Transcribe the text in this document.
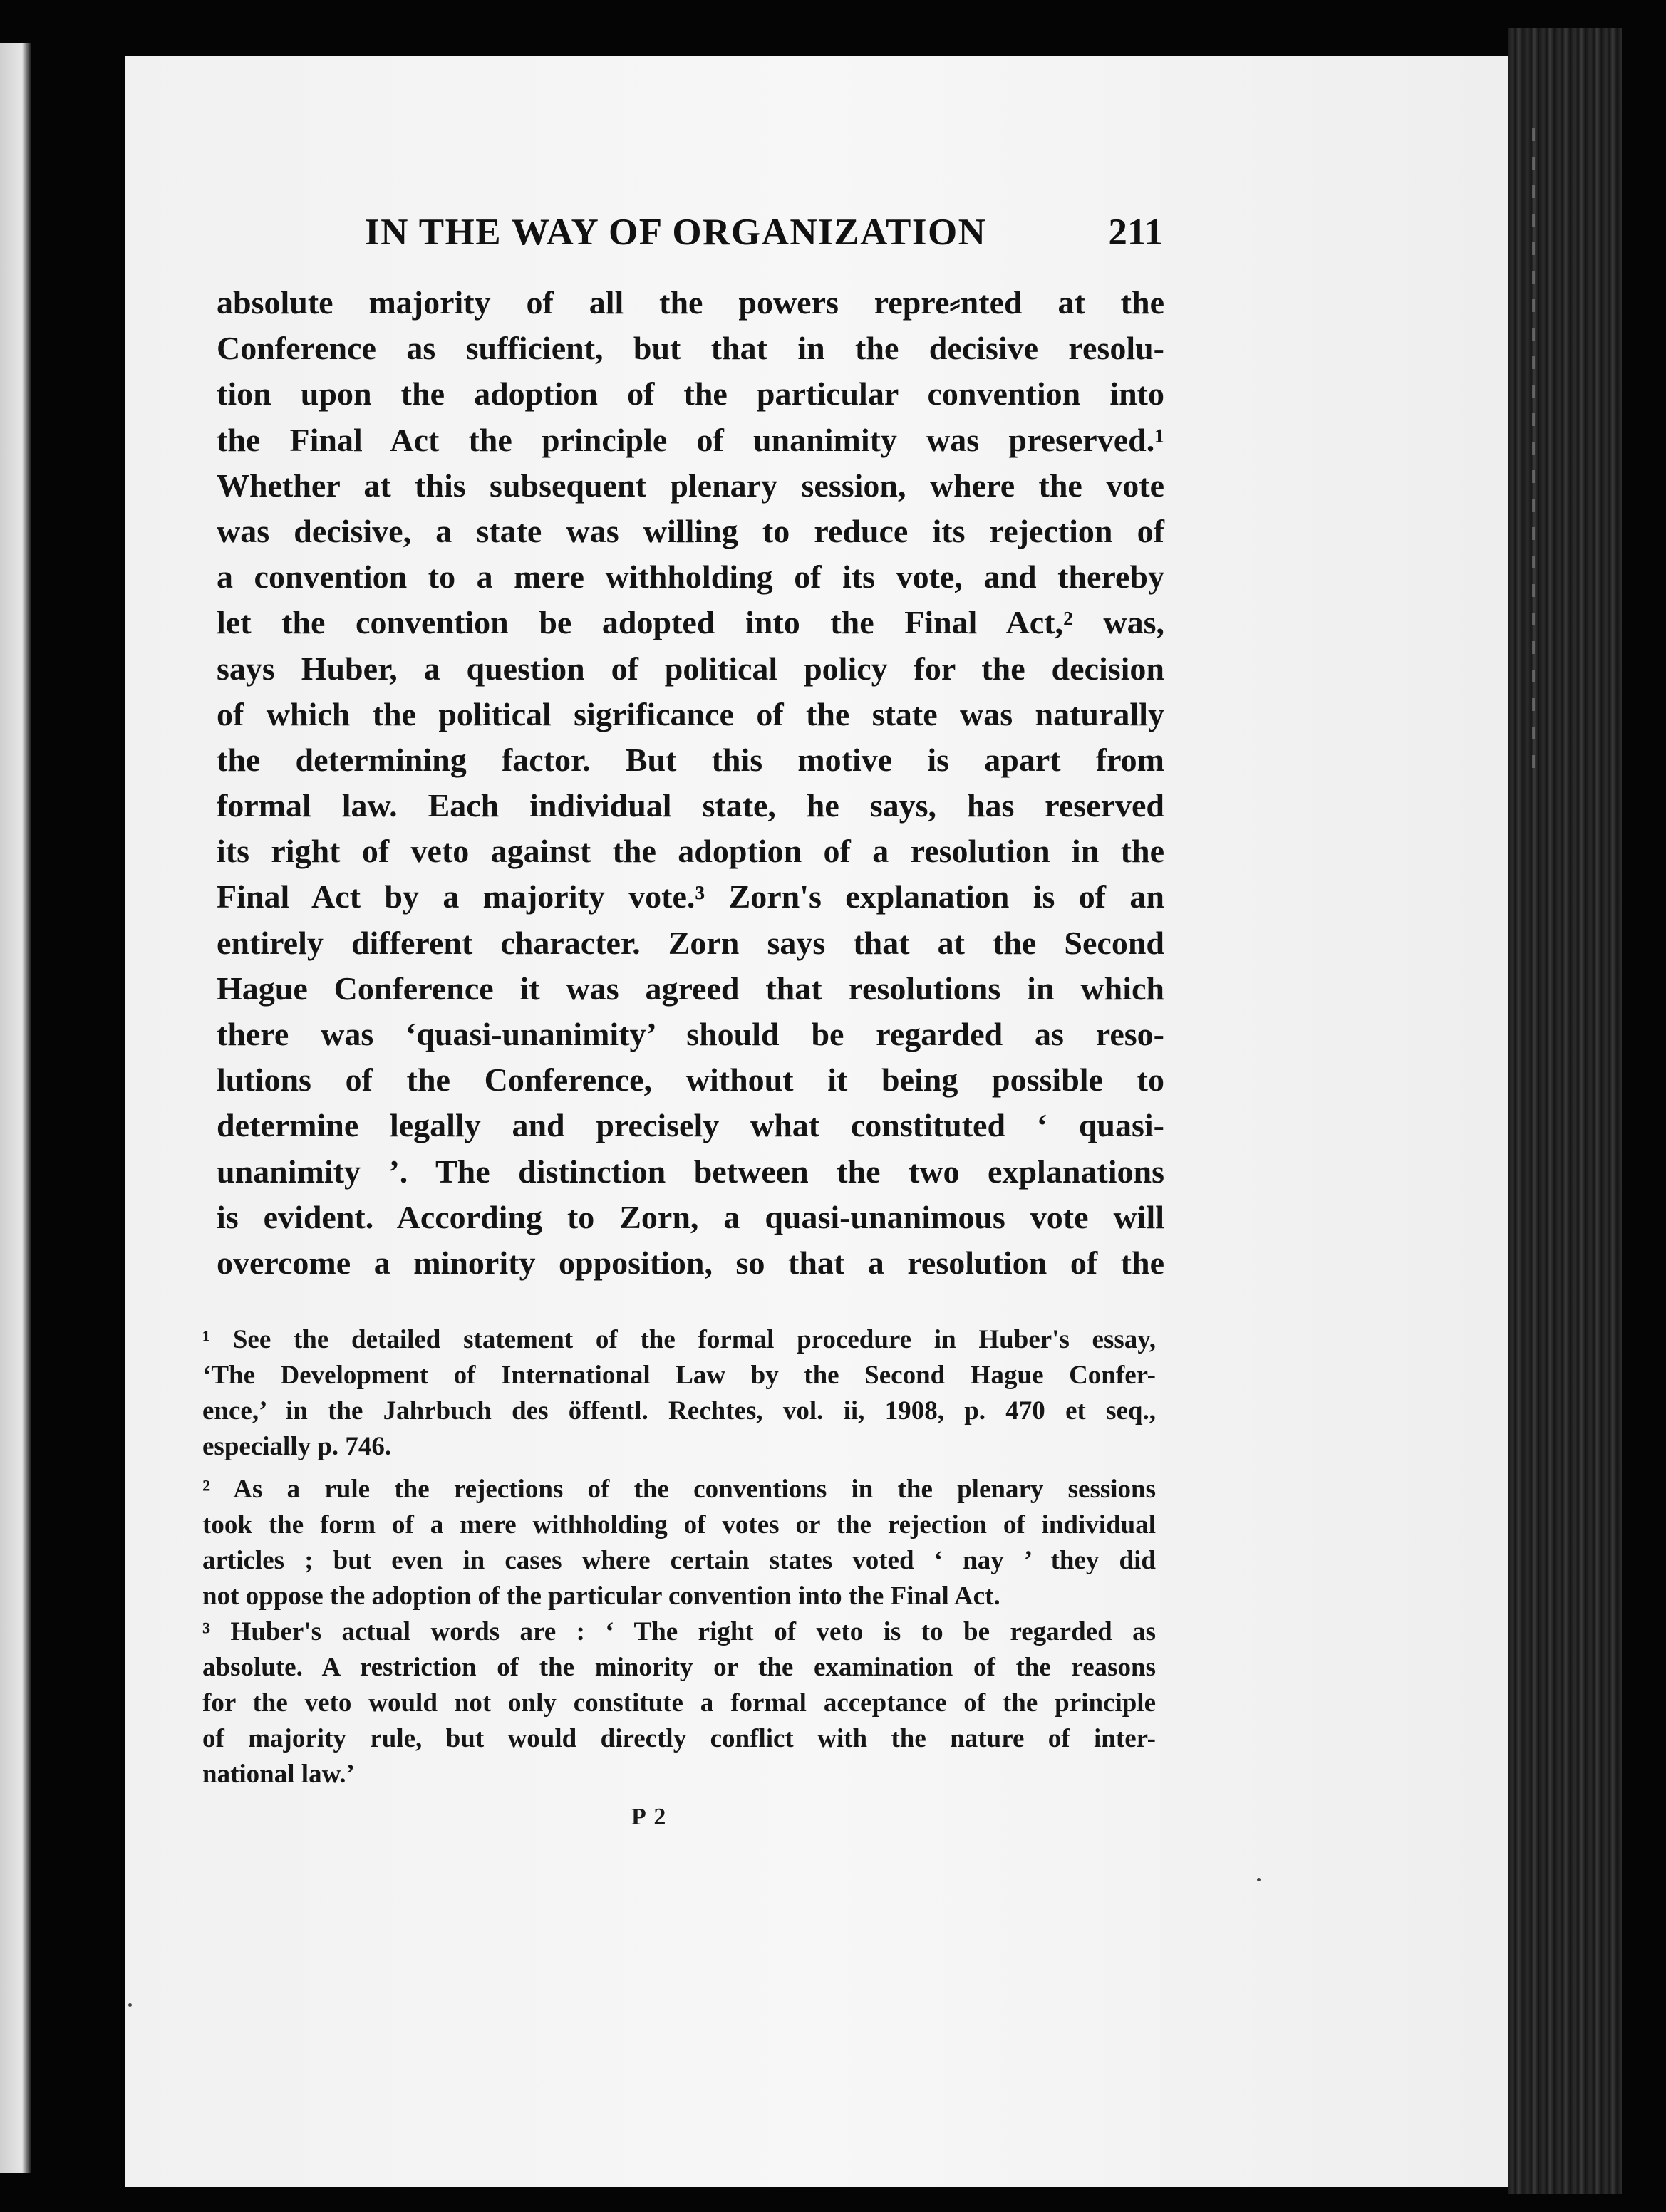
IN THE WAY OF ORGANIZATION	211
absolute majority of all the powers repre⸗nted at the
Conference as sufficient, but that in the decisive resolu-
tion upon the adoption of the particular convention into
the Final Act the principle of unanimity was preserved.¹
Whether at this subsequent plenary session, where the vote
was decisive, a state was willing to reduce its rejection of
a convention to a mere withholding of its vote, and thereby
let the convention be adopted into the Final Act,² was,
says Huber, a question of political policy for the decision
of which the political sigrificance of the state was naturally
the determining factor. But this motive is apart from
formal law. Each individual state, he says, has reserved
its right of veto against the adoption of a resolution in the
Final Act by a majority vote.³ Zorn's explanation is of an
entirely different character. Zorn says that at the Second
Hague Conference it was agreed that resolutions in which
there was ‘quasi-unanimity’ should be regarded as reso-
lutions of the Conference, without it being possible to
determine legally and precisely what constituted ‘ quasi-
unanimity ’. The distinction between the two explanations
is evident. According to Zorn, a quasi-unanimous vote will
overcome a minority opposition, so that a resolution of the
¹ See the detailed statement of the formal procedure in Huber's essay,
‘The Development of International Law by the Second Hague Confer-
ence,’ in the Jahrbuch des öffentl. Rechtes, vol. ii, 1908, p. 470 et seq.,
especially p. 746.
² As a rule the rejections of the conventions in the plenary sessions
took the form of a mere withholding of votes or the rejection of individual
articles ; but even in cases where certain states voted ‘ nay ’ they did
not oppose the adoption of the particular convention into the Final Act.
³ Huber's actual words are : ‘ The right of veto is to be regarded as
absolute. A restriction of the minority or the examination of the reasons
for the veto would not only constitute a formal acceptance of the principle
of majority rule, but would directly conflict with the nature of inter-
national law.’
P 2
